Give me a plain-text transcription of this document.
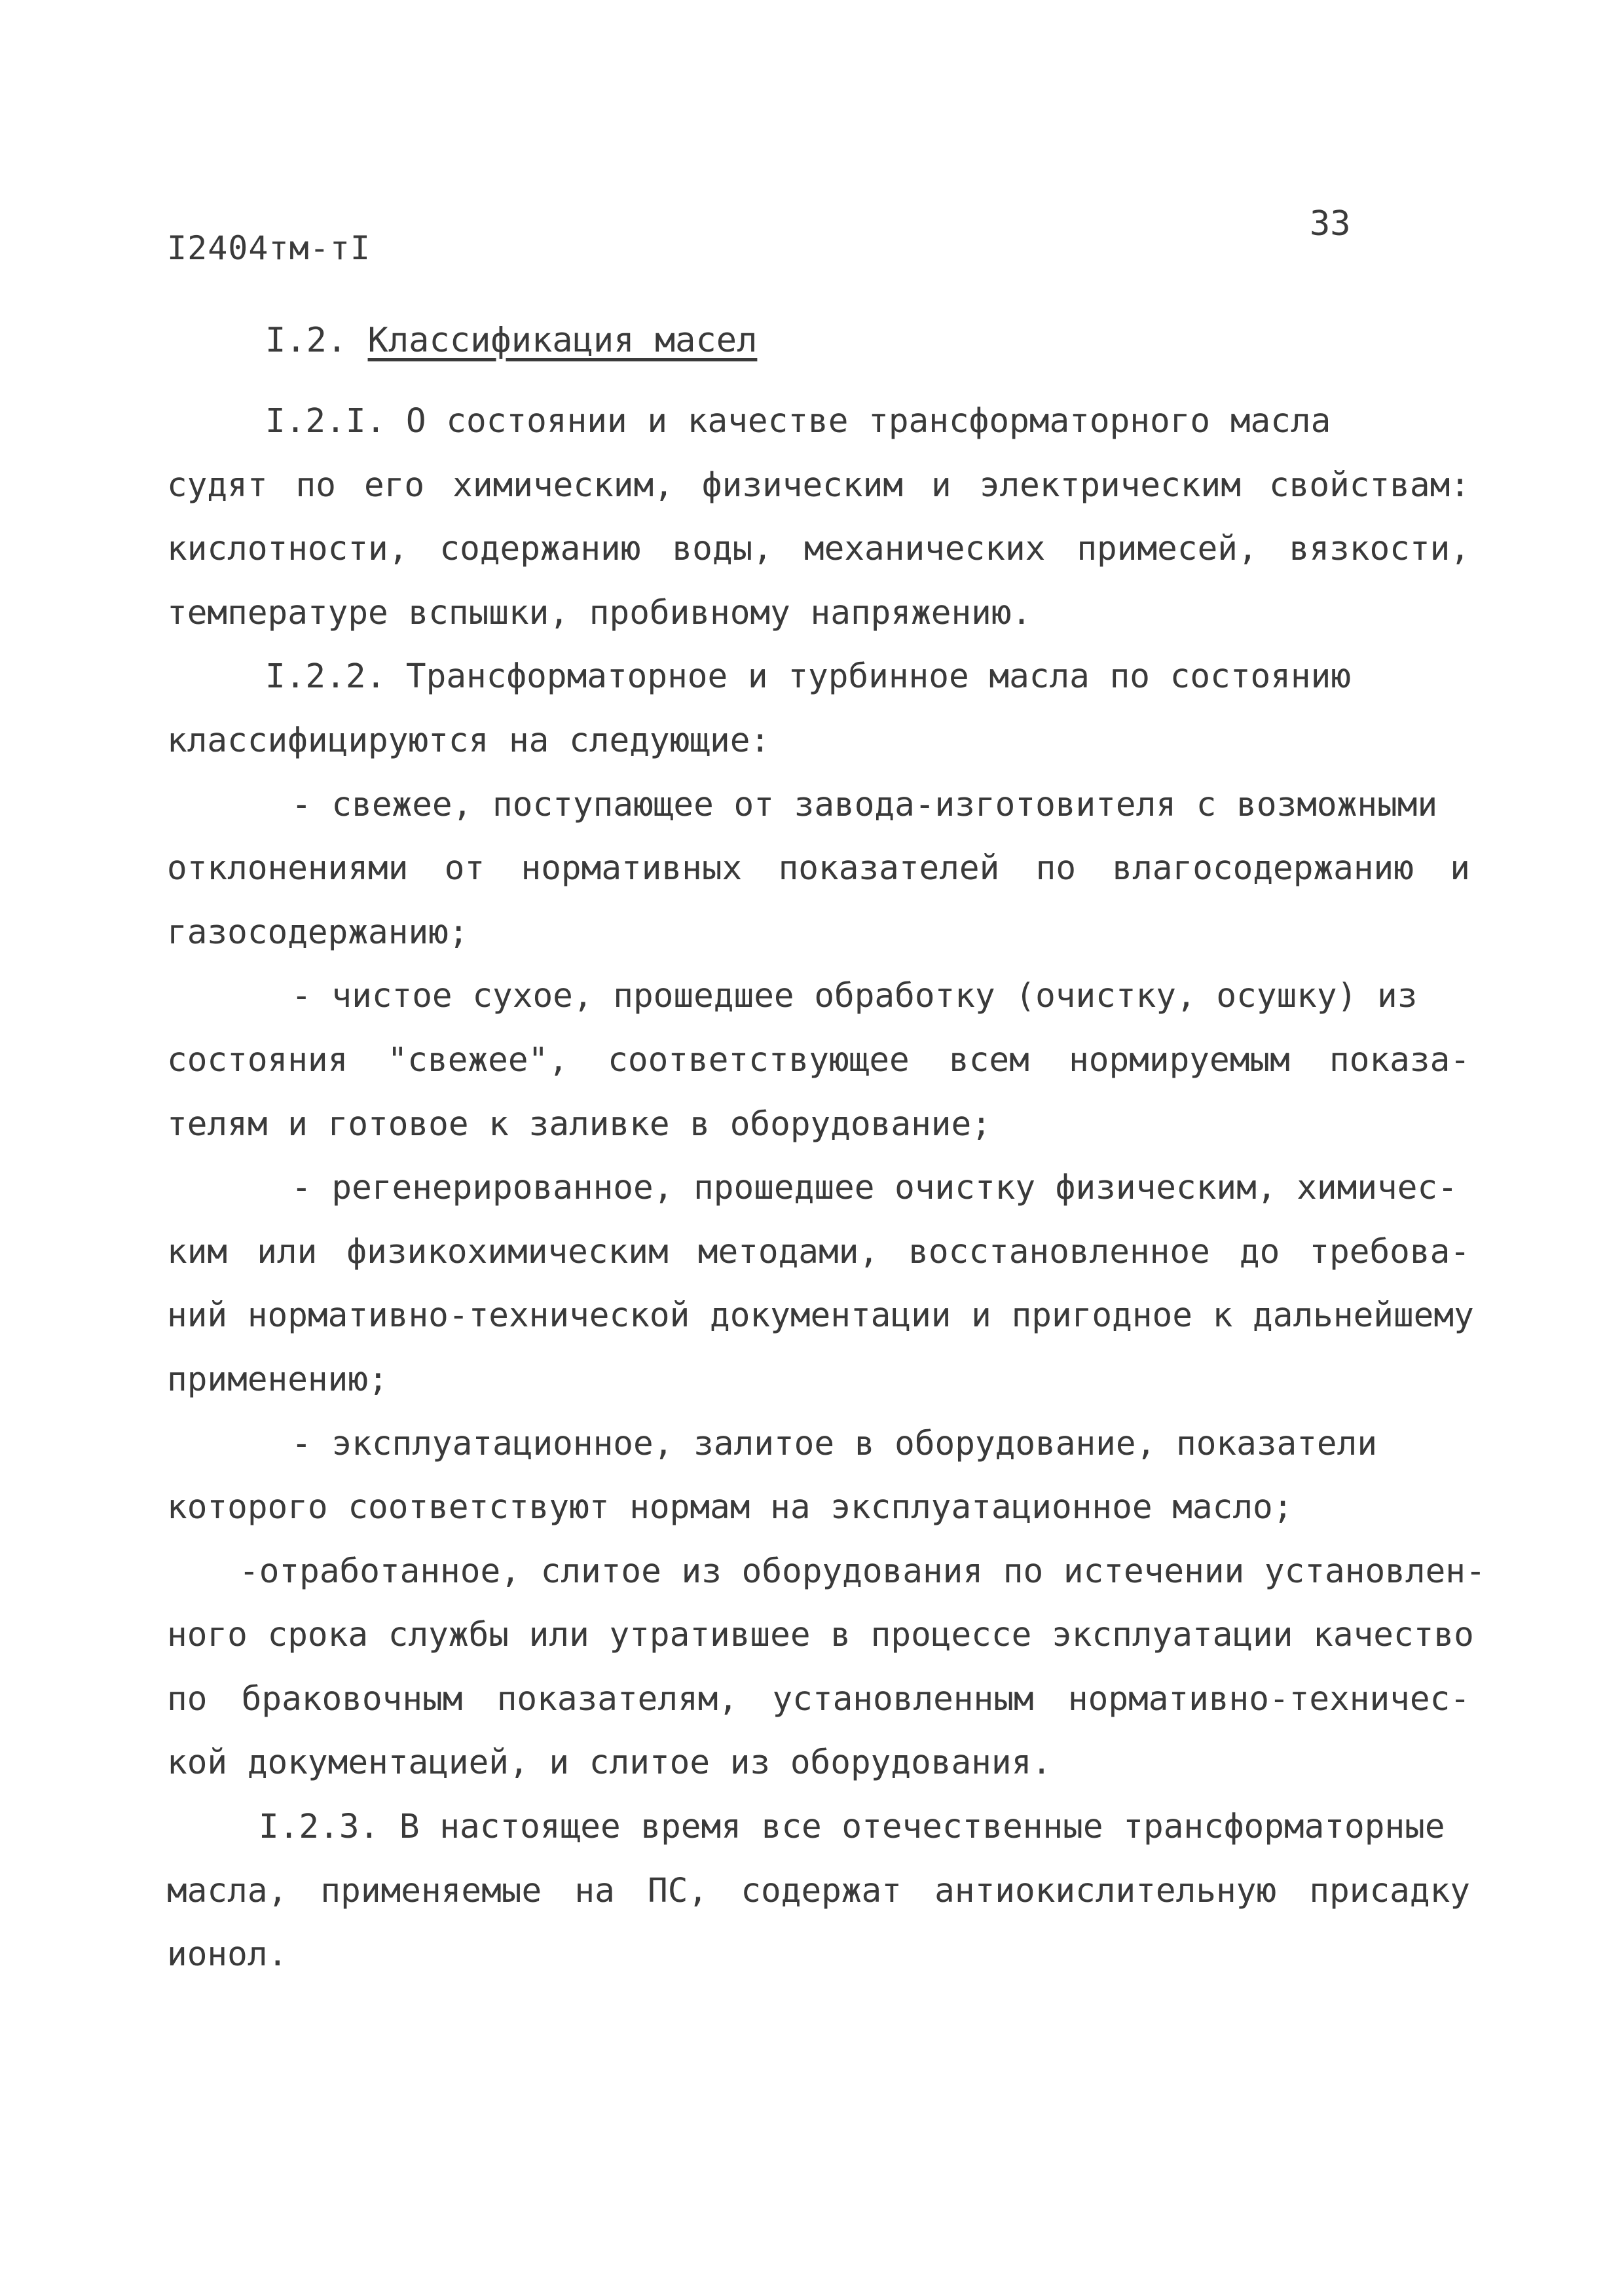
I2404тм-тI
33
I.2. Классификация масел
I.2.I. О состоянии и качестве трансформаторного масла
судят по его химическим, физическим и электрическим свойствам:
кислотности, содержанию воды, механических примесей, вязкости,
температуре вспышки, пробивному напряжению.
I.2.2. Трансформаторное и турбинное масла по состоянию
классифицируются на следующие:
- свежее, поступающее от завода-изготовителя с возможными
отклонениями от нормативных показателей по влагосодержанию и
газосодержанию;
- чистое сухое, прошедшее обработку (очистку, осушку) из
состояния "свежее", соответствующее всем нормируемым показа-
телям и готовое к заливке в оборудование;
- регенерированное, прошедшее очистку физическим, химичес-
ким или физикохимическим методами, восстановленное до требова-
ний нормативно-технической документации и пригодное к дальнейшему
применению;
- эксплуатационное, залитое в оборудование, показатели
которого соответствуют нормам на эксплуатационное масло;
-отработанное, слитое из оборудования по истечении установлен-
ного срока службы или утратившее в процессе эксплуатации качество
по браковочным показателям, установленным нормативно-техничес-
кой документацией, и слитое из оборудования.
I.2.3. В настоящее время все отечественные трансформаторные
масла, применяемые на ПС, содержат антиокислительную присадку
ионол.
